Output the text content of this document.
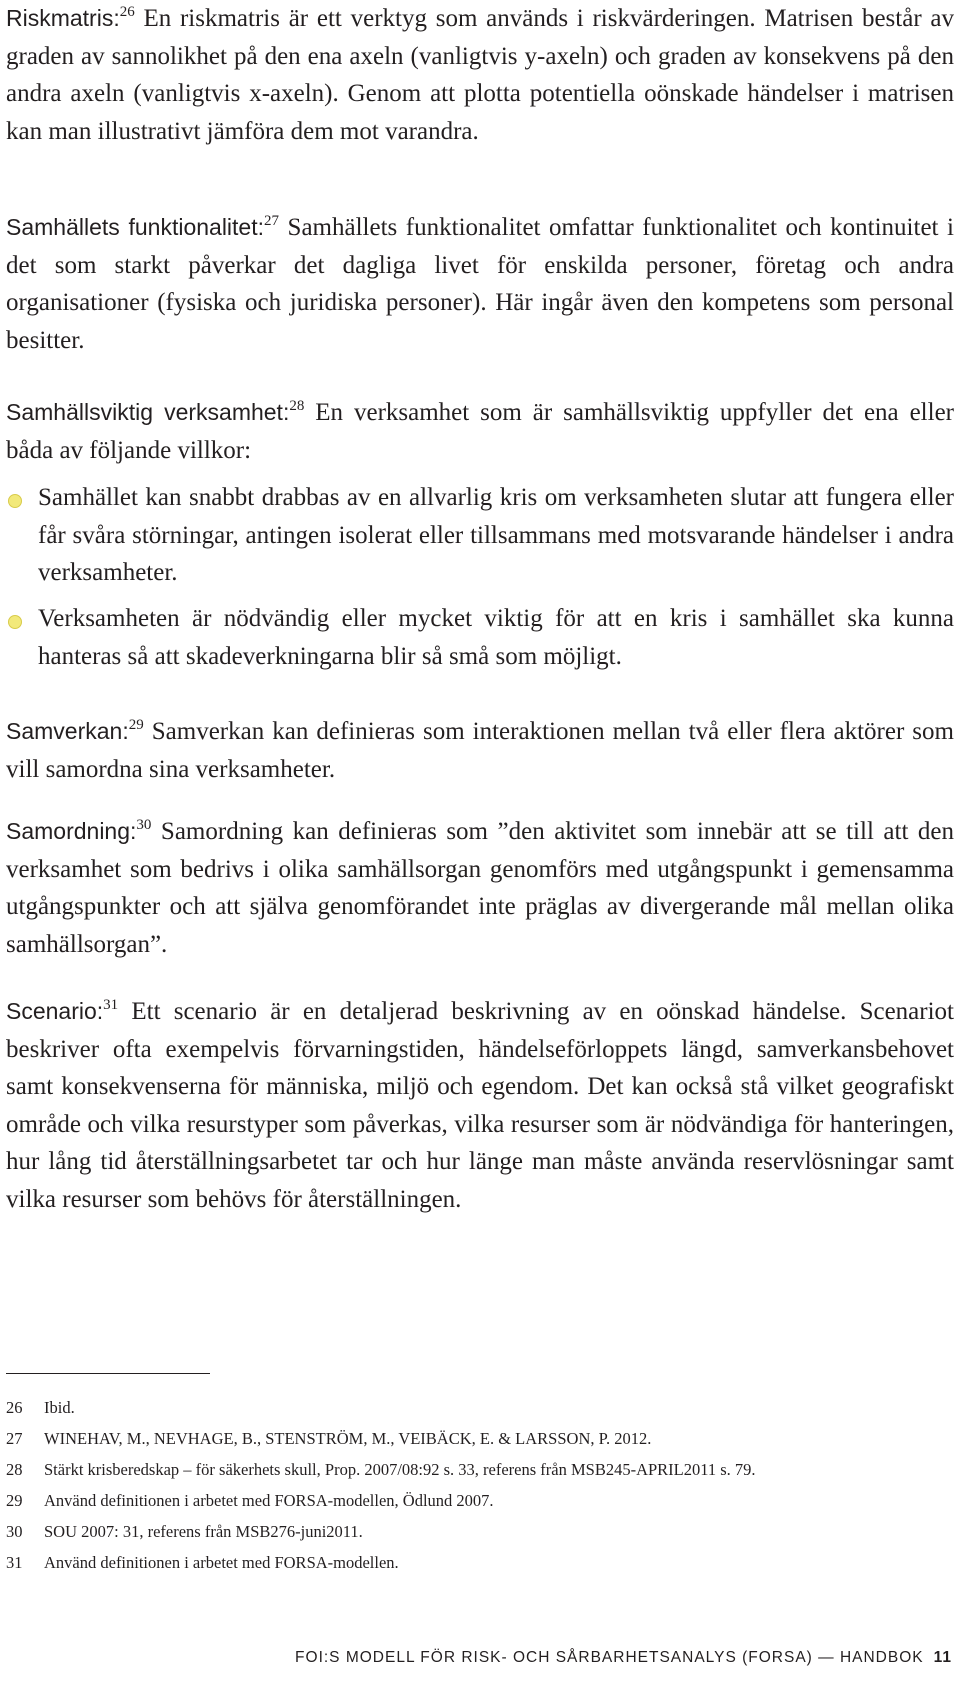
Riskmatris:$^{26}$ En riskmatris är ett verktyg som används i riskvärderingen. Matrisen består av graden av sannolikhet på den ena axeln (vanligtvis y-axeln) och graden av konsekvens på den andra axeln (vanligtvis x-axeln). Genom att plotta potentiella oönskade händelser i matrisen kan man illustrativt jämföra dem mot varandra.

Samhällets funktionalitet:$^{27}$ Samhällets funktionalitet omfattar funktionalitet och kontinuitet i det som starkt påverkar det dagliga livet för enskilda personer, företag och andra organisationer (fysiska och juridiska personer). Här ingår även den kompetens som personal besitter.

Samhällsviktig verksamhet:$^{28}$ En verksamhet som är samhällsviktig uppfyller det ena eller båda av följande villkor:

Samhället kan snabbt drabbas av en allvarlig kris om verksamheten slutar att fungera eller får svåra störningar, antingen isolerat eller tillsammans med motsvarande händelser i andra verksamheter.
Verksamheten är nödvändig eller mycket viktig för att en kris i samhället ska kunna hanteras så att skadeverkningarna blir så små som möjligt.

Samverkan:$^{29}$ Samverkan kan definieras som interaktionen mellan två eller flera aktörer som vill samordna sina verksamheter.

Samordning:$^{30}$ Samordning kan definieras som ”den aktivitet som innebär att se till att den verksamhet som bedrivs i olika samhällsorgan genomförs med utgångspunkt i gemensamma utgångspunkter och att själva genomförandet inte präglas av divergerande mål mellan olika samhällsorgan”.

Scenario:$^{31}$ Ett scenario är en detaljerad beskrivning av en oönskad händelse. Scenariot beskriver ofta exempelvis förvarningstiden, händelseförloppets längd, samverkansbehovet samt konsekvenserna för människa, miljö och egendom. Det kan också stå vilket geografiskt område och vilka resurstyper som påverkas, vilka resurser som är nödvändiga för hanteringen, hur lång tid återställningsarbetet tar och hur länge man måste använda reservlösningar samt vilka resurser som behövs för återställningen.

26	Ibid.
27	WINEHAV, M., NEVHAGE, B., STENSTRÖM, M., VEIBÄCK, E. & LARSSON, P. 2012.
28	Stärkt krisberedskap – för säkerhets skull, Prop. 2007/08:92 s. 33, referens från MSB245-APRIL2011 s. 79.
29	Använd definitionen i arbetet med FORSA-modellen, Ödlund 2007.
30	SOU 2007: 31, referens från MSB276-juni2011.
31	Använd definitionen i arbetet med FORSA-modellen.
FOI:S MODELL FÖR RISK- OCH SÅRBARHETSANALYS (FORSA) — HANDBOK 11
